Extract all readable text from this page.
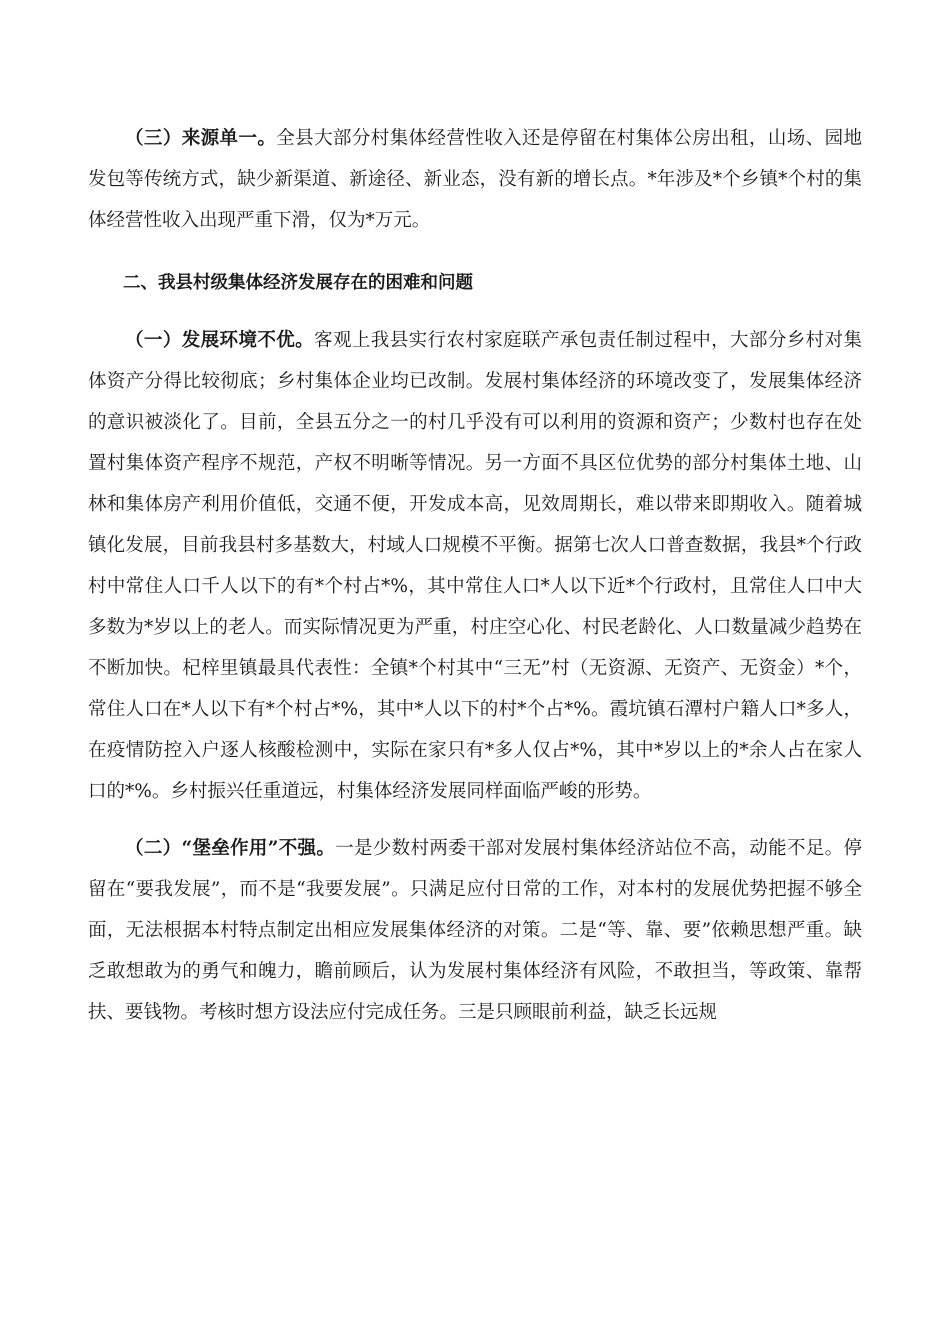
（三）来源单一。全县大部分村集体经营性收入还是停留在村集体公房出租，山场、园地发包等传统方式，缺少新渠道、新途径、新业态，没有新的增长点。*年涉及*个乡镇*个村的集体经营性收入出现严重下滑，仅为*万元。

二、我县村级集体经济发展存在的困难和问题

（一）发展环境不优。客观上我县实行农村家庭联产承包责任制过程中，大部分乡村对集体资产分得比较彻底；乡村集体企业均已改制。发展村集体经济的环境改变了，发展集体经济的意识被淡化了。目前，全县五分之一的村几乎没有可以利用的资源和资产；少数村也存在处置村集体资产程序不规范，产权不明晰等情况。另一方面不具区位优势的部分村集体土地、山林和集体房产利用价值低，交通不便，开发成本高，见效周期长，难以带来即期收入。随着城镇化发展，目前我县村多基数大，村域人口规模不平衡。据第七次人口普查数据，我县*个行政村中常住人口千人以下的有*个村占*%，其中常住人口*人以下近*个行政村，且常住人口中大多数为*岁以上的老人。而实际情况更为严重，村庄空心化、村民老龄化、人口数量减少趋势在不断加快。杞梓里镇最具代表性：全镇*个村其中“三无”村（无资源、无资产、无资金）*个，常住人口在*人以下有*个村占*%，其中*人以下的村*个占*%。霞坑镇石潭村户籍人口*多人，在疫情防控入户逐人核酸检测中，实际在家只有*多人仅占*%，其中*岁以上的*余人占在家人口的*%。乡村振兴任重道远，村集体经济发展同样面临严峻的形势。

（二）“堡垒作用”不强。一是少数村两委干部对发展村集体经济站位不高，动能不足。停留在“要我发展”，而不是“我要发展”。只满足应付日常的工作，对本村的发展优势把握不够全面，无法根据本村特点制定出相应发展集体经济的对策。二是“等、靠、要”依赖思想严重。缺乏敢想敢为的勇气和魄力，瞻前顾后，认为发展村集体经济有风险，不敢担当，等政策、靠帮扶、要钱物。考核时想方设法应付完成任务。三是只顾眼前利益，缺乏长远规
